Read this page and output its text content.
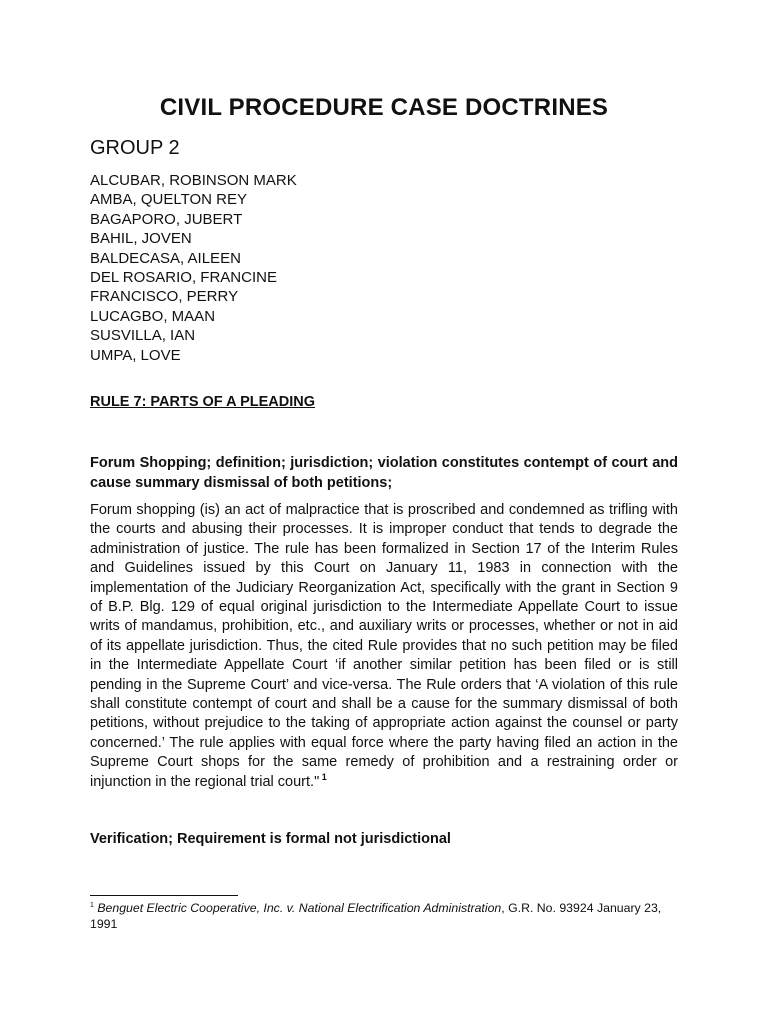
CIVIL PROCEDURE CASE DOCTRINES
GROUP 2
ALCUBAR, ROBINSON MARK
AMBA, QUELTON REY
BAGAPORO, JUBERT
BAHIL, JOVEN
BALDECASA, AILEEN
DEL ROSARIO, FRANCINE
FRANCISCO, PERRY
LUCAGBO, MAAN
SUSVILLA, IAN
UMPA, LOVE
RULE 7: PARTS OF A PLEADING
Forum Shopping; definition; jurisdiction; violation constitutes contempt of court and cause summary dismissal of both petitions;
Forum shopping (is) an act of malpractice that is proscribed and condemned as trifling with the courts and abusing their processes. It is improper conduct that tends to degrade the administration of justice. The rule has been formalized in Section 17 of the Interim Rules and Guidelines issued by this Court on January 11, 1983 in connection with the implementation of the Judiciary Reorganization Act, specifically with the grant in Section 9 of B.P. Blg. 129 of equal original jurisdiction to the Intermediate Appellate Court to issue writs of mandamus, prohibition, etc., and auxiliary writs or processes, whether or not in aid of its appellate jurisdiction. Thus, the cited Rule provides that no such petition may be filed in the Intermediate Appellate Court ‘if another similar petition has been filed or is still pending in the Supreme Court’ and vice-versa. The Rule orders that ‘A violation of this rule shall constitute contempt of court and shall be a cause for the summary dismissal of both petitions, without prejudice to the taking of appropriate action against the counsel or party concerned.’ The rule applies with equal force where the party having filed an action in the Supreme Court shops for the same remedy of prohibition and a restraining order or injunction in the regional trial court." $^1$
Verification; Requirement is formal not jurisdictional
$^1$ Benguet Electric Cooperative, Inc. v. National Electrification Administration, G.R. No. 93924 January 23, 1991
